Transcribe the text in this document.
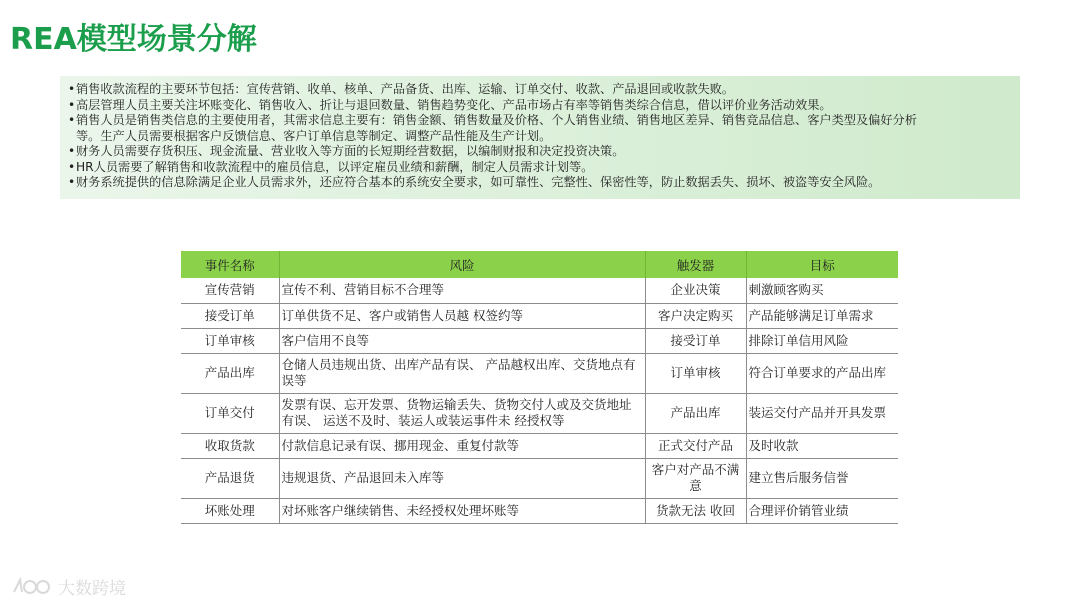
REA模型场景分解
• 销售收款流程的主要环节包括：宣传营销、收单、核单、产品备货、出库、运输、订单交付、收款、产品退回或收款失败。
• 高层管理人员主要关注坏账变化、销售收入、折让与退回数量、销售趋势变化、产品市场占有率等销售类综合信息，借以评价业务活动效果。
• 销售人员是销售类信息的主要使用者，其需求信息主要有：销售金额、销售数量及价格、个人销售业绩、销售地区差异、销售竞品信息、客户类型及偏好分析
等。生产人员需要根据客户反馈信息、客户订单信息等制定、调整产品性能及生产计划。
• 财务人员需要存货积压、现金流量、营业收入等方面的长短期经营数据，以编制财报和决定投资决策。
• HR人员需要了解销售和收款流程中的雇员信息，以评定雇员业绩和薪酬，制定人员需求计划等。
• 财务系统提供的信息除满足企业人员需求外，还应符合基本的系统安全要求，如可靠性、完整性、保密性等，防止数据丢失、损坏、被盗等安全风险。
事件名称	风险	触发器	目标
宣传营销	宣传不利、营销目标不合理等	企业决策	刺激顾客购买
接受订单	订单供货不足、客户或销售人员越 权签约等	客户决定购买	产品能够满足订单需求
订单审核	客户信用不良等	接受订单	排除订单信用风险
产品出库	仓储人员违规出货、出库产品有误、 产品越权出库、交货地点有误等	订单审核	符合订单要求的产品出库
订单交付	发票有误、忘开发票、货物运输丢失、货物交付人或及交货地址有误、 运送不及时、装运人或装运事件未 经授权等	产品出库	装运交付产品并开具发票
收取货款	付款信息记录有误、挪用现金、重复付款等	正式交付产品	及时收款
产品退货	违规退货、产品退回未入库等	客户对产品不满意	建立售后服务信誉
坏账处理	对坏账客户继续销售、未经授权处理坏账等	货款无法 收回	合理评价销管业绩
大数跨境
